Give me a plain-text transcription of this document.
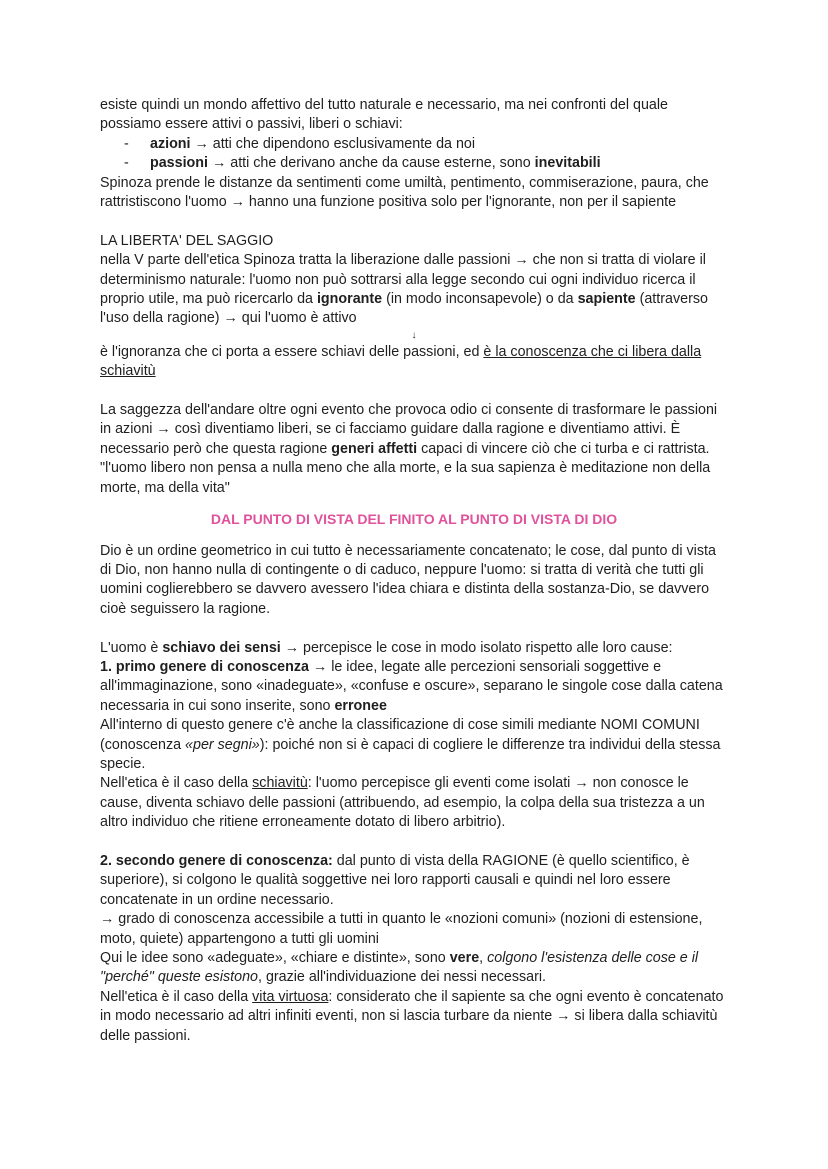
esiste quindi un mondo affettivo del tutto naturale e necessario, ma nei confronti del quale possiamo essere attivi o passivi, liberi o schiavi:

- azioni → atti che dipendono esclusivamente da noi
- passioni → atti che derivano anche da cause esterne, sono inevitabili

Spinoza prende le distanze da sentimenti come umiltà, pentimento, commiserazione, paura, che rattristiscono l'uomo → hanno una funzione positiva solo per l'ignorante, non per il sapiente

LA LIBERTA' DEL SAGGIO

nella V parte dell'etica Spinoza tratta la liberazione dalle passioni → che non si tratta di violare il determinismo naturale: l'uomo non può sottrarsi alla legge secondo cui ogni individuo ricerca il proprio utile, ma può ricercarlo da ignorante (in modo inconsapevole) o da sapiente (attraverso l'uso della ragione) → qui l'uomo è attivo

↓

è l'ignoranza che ci porta a essere schiavi delle passioni, ed è la conoscenza che ci libera dalla schiavitù

La saggezza dell'andare oltre ogni evento che provoca odio ci consente di trasformare le passioni in azioni → così diventiamo liberi, se ci facciamo guidare dalla ragione e diventiamo attivi. È necessario però che questa ragione generi affetti capaci di vincere ciò che ci turba e ci rattrista. "l'uomo libero non pensa a nulla meno che alla morte, e la sua sapienza è meditazione non della morte, ma della vita"

DAL PUNTO DI VISTA DEL FINITO AL PUNTO DI VISTA DI DIO

Dio è un ordine geometrico in cui tutto è necessariamente concatenato; le cose, dal punto di vista di Dio, non hanno nulla di contingente o di caduco, neppure l'uomo: si tratta di verità che tutti gli uomini coglierebbero se davvero avessero l'idea chiara e distinta della sostanza-Dio, se davvero cioè seguissero la ragione.

L'uomo è schiavo dei sensi → percepisce le cose in modo isolato rispetto alle loro cause:

1. primo genere di conoscenza → le idee, legate alle percezioni sensoriali soggettive e all'immaginazione, sono «inadeguate», «confuse e oscure», separano le singole cose dalla catena necessaria in cui sono inserite, sono erronee

All'interno di questo genere c'è anche la classificazione di cose simili mediante NOMI COMUNI (conoscenza «per segni»): poiché non si è capaci di cogliere le differenze tra individui della stessa specie.

Nell'etica è il caso della schiavitù: l'uomo percepisce gli eventi come isolati → non conosce le cause, diventa schiavo delle passioni (attribuendo, ad esempio, la colpa della sua tristezza a un altro individuo che ritiene erroneamente dotato di libero arbitrio).

2. secondo genere di conoscenza: dal punto di vista della RAGIONE (è quello scientifico, è superiore), si colgono le qualità soggettive nei loro rapporti causali e quindi nel loro essere concatenate in un ordine necessario.

→ grado di conoscenza accessibile a tutti in quanto le «nozioni comuni» (nozioni di estensione, moto, quiete) appartengono a tutti gli uomini

Qui le idee sono «adeguate», «chiare e distinte», sono vere, colgono l'esistenza delle cose e il "perché" queste esistono, grazie all'individuazione dei nessi necessari.

Nell'etica è il caso della vita virtuosa: considerato che il sapiente sa che ogni evento è concatenato in modo necessario ad altri infiniti eventi, non si lascia turbare da niente → si libera dalla schiavitù delle passioni.
